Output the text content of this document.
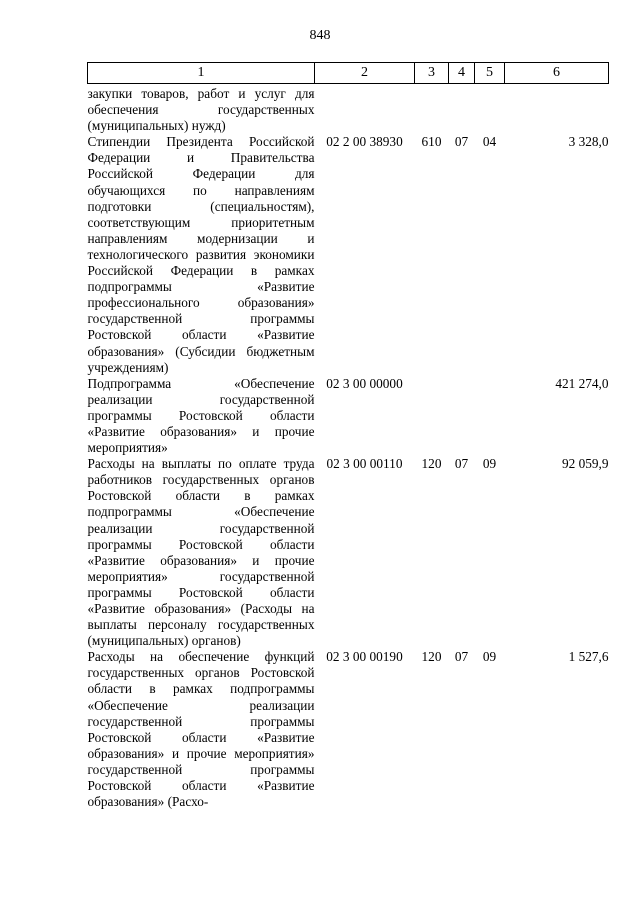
848
1	2	3	4	5	6
закупки товаров, работ и услуг для обеспечения государственных (муниципальных) нужд)					
Стипендии Президента Российской Федерации и Правительства Российской Федерации для обучающихся по направлениям подготовки (специальностям), соответствующим приоритетным направлениям модернизации и технологического развития экономики Российской Федерации в рамках подпрограммы «Развитие профессионального образования» государственной программы Ростовской области «Развитие образования» (Субсидии бюджетным учреждениям)	02 2 00 38930	610	07	04	3 328,0
Подпрограмма «Обеспечение реализации государственной программы Ростовской области «Развитие образования» и прочие мероприятия»	02 3 00 00000				421 274,0
Расходы на выплаты по оплате труда работников государственных органов Ростовской области в рамках подпрограммы «Обеспечение реализации государственной программы Ростовской области «Развитие образования» и прочие мероприятия» государственной программы Ростовской области «Развитие образования» (Расходы на выплаты персоналу государственных (муниципальных) органов)	02 3 00 00110	120	07	09	92 059,9
Расходы на обеспечение функций государственных органов Ростовской области в рамках подпрограммы «Обеспечение реализации государственной программы Ростовской области «Развитие образования» и прочие мероприятия» государственной программы Ростовской области «Развитие образования» (Расхо-	02 3 00 00190	120	07	09	1 527,6
